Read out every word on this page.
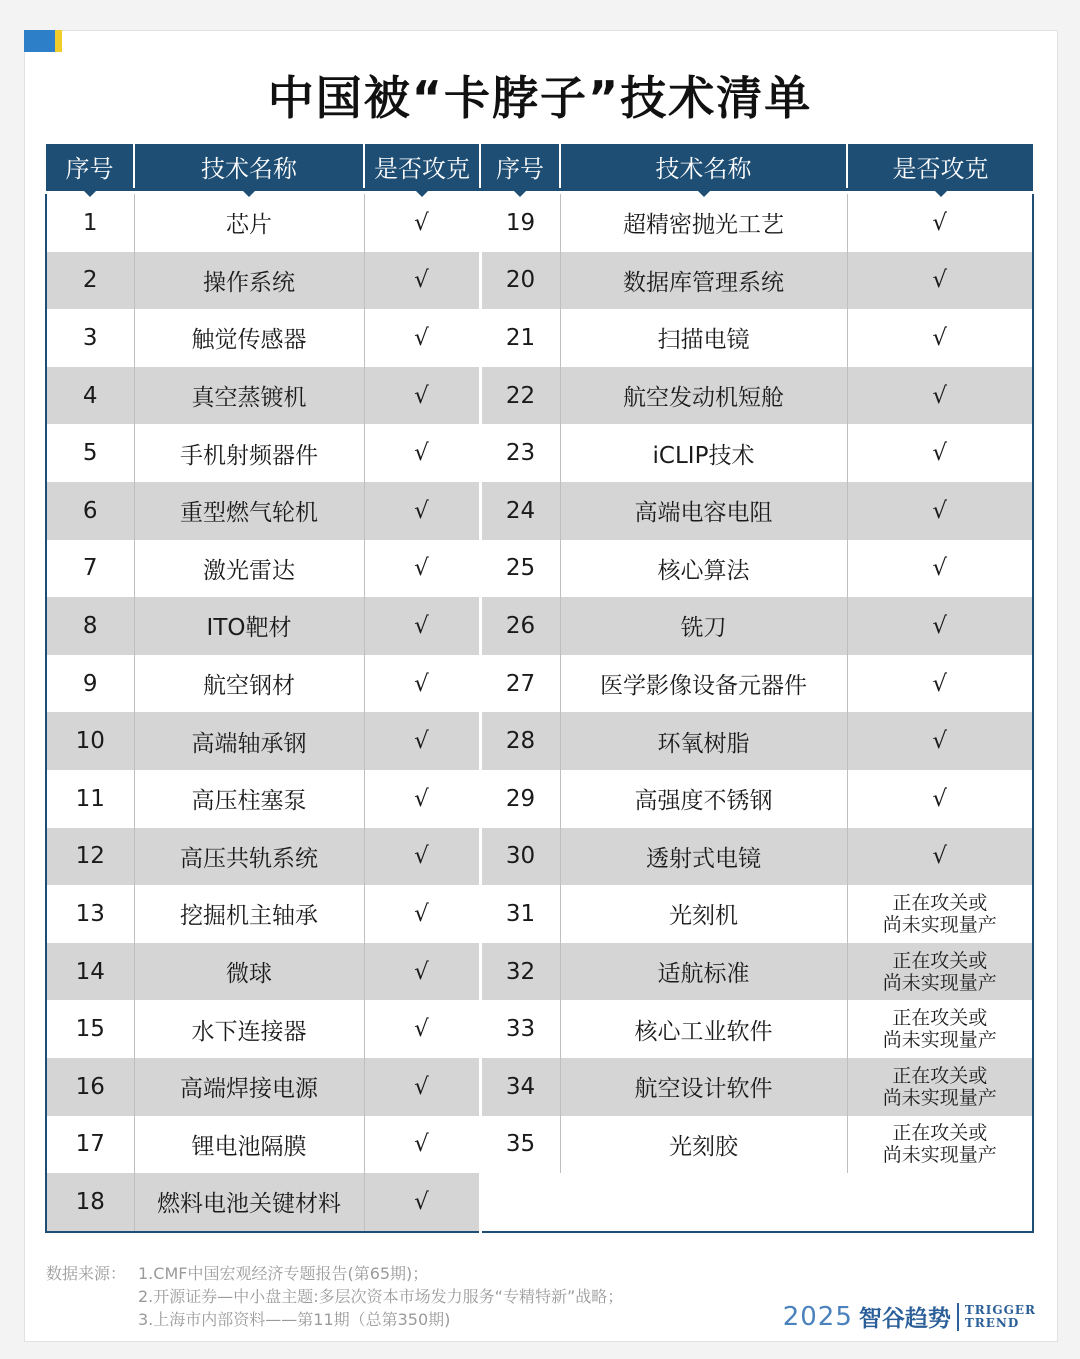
中国被“卡脖子”技术清单
序号	技术名称	是否攻克	序号	技术名称	是否攻克

1	芯片	√	19	超精密抛光工艺	√
2	操作系统	√	20	数据库管理系统	√
3	触觉传感器	√	21	扫描电镜	√
4	真空蒸镀机	√	22	航空发动机短舱	√
5	手机射频器件	√	23	iCLIP技术	√
6	重型燃气轮机	√	24	高端电容电阻	√
7	激光雷达	√	25	核心算法	√
8	ITO靶材	√	26	铣刀	√
9	航空钢材	√	27	医学影像设备元器件	√
10	高端轴承钢	√	28	环氧树脂	√
11	高压柱塞泵	√	29	高强度不锈钢	√
12	高压共轨系统	√	30	透射式电镜	√
13	挖掘机主轴承	√	31	光刻机	正在攻关或
尚未实现量产
14	微球	√	32	适航标准	正在攻关或
尚未实现量产
15	水下连接器	√	33	核心工业软件	正在攻关或
尚未实现量产
16	高端焊接电源	√	34	航空设计软件	正在攻关或
尚未实现量产
17	锂电池隔膜	√	35	光刻胶	正在攻关或
尚未实现量产
18	燃料电池关键材料	√			
数据来源： 1.CMF中国宏观经济专题报告(第65期)；
2.开源证券—中小盘主题:多层次资本市场发力服务“专精特新”战略；
3.上海市内部资料——第11期（总第350期)	2025 智谷趋势 TRIGGER
TREND
